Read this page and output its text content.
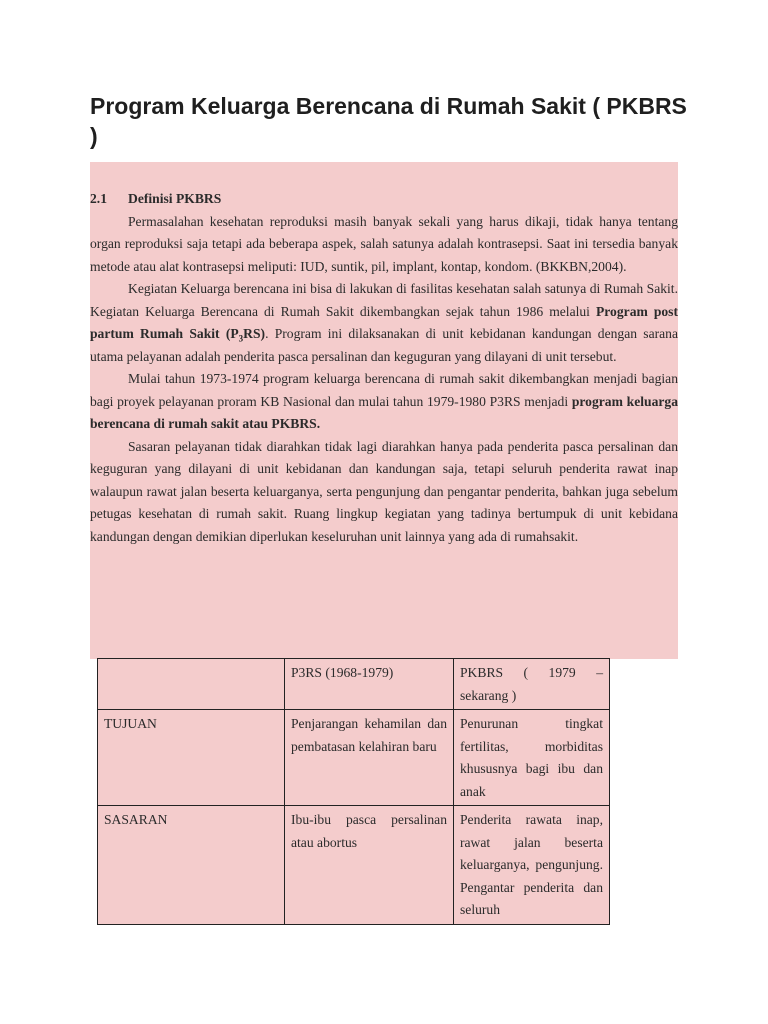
Program Keluarga Berencana di Rumah Sakit ( PKBRS )

2.1 Definisi PKBRS

Permasalahan kesehatan reproduksi masih banyak sekali yang harus dikaji, tidak hanya tentang organ reproduksi saja tetapi ada beberapa aspek, salah satunya adalah kontrasepsi. Saat ini tersedia banyak metode atau alat kontrasepsi meliputi: IUD, suntik, pil, implant, kontap, kondom. (BKKBN,2004).

Kegiatan Keluarga berencana ini bisa di lakukan di fasilitas kesehatan salah satunya di Rumah Sakit. Kegiatan Keluarga Berencana di Rumah Sakit dikembangkan sejak tahun 1986 melalui Program post partum Rumah Sakit $(P_3RS)$. Program ini dilaksanakan di unit kebidanan kandungan dengan sarana utama pelayanan adalah penderita pasca persalinan dan keguguran yang dilayani di unit tersebut.

Mulai tahun 1973-1974 program keluarga berencana di rumah sakit dikembangkan menjadi bagian bagi proyek pelayanan proram KB Nasional dan mulai tahun 1979-1980 P3RS menjadi program keluarga berencana di rumah sakit atau PKBRS.

Sasaran pelayanan tidak diarahkan tidak lagi diarahkan hanya pada penderita pasca persalinan dan keguguran yang dilayani di unit kebidanan dan kandungan saja, tetapi seluruh penderita rawat inap walaupun rawat jalan beserta keluarganya, serta pengunjung dan pengantar penderita, bahkan juga sebelum petugas kesehatan di rumah sakit. Ruang lingkup kegiatan yang tadinya bertumpuk di unit kebidana kandungan dengan demikian diperlukan keseluruhan unit lainnya yang ada di rumahsakit.

	P3RS (1968-1979)	PKBRS ( 1979 – sekarang )
TUJUAN	Penjarangan kehamilan dan pembatasan kelahiran baru	Penurunan tingkat fertilitas, morbiditas khususnya bagi ibu dan anak
SASARAN	Ibu-ibu pasca persalinan atau abortus	Penderita rawata inap, rawat jalan beserta keluarganya, pengunjung. Pengantar penderita dan seluruh
